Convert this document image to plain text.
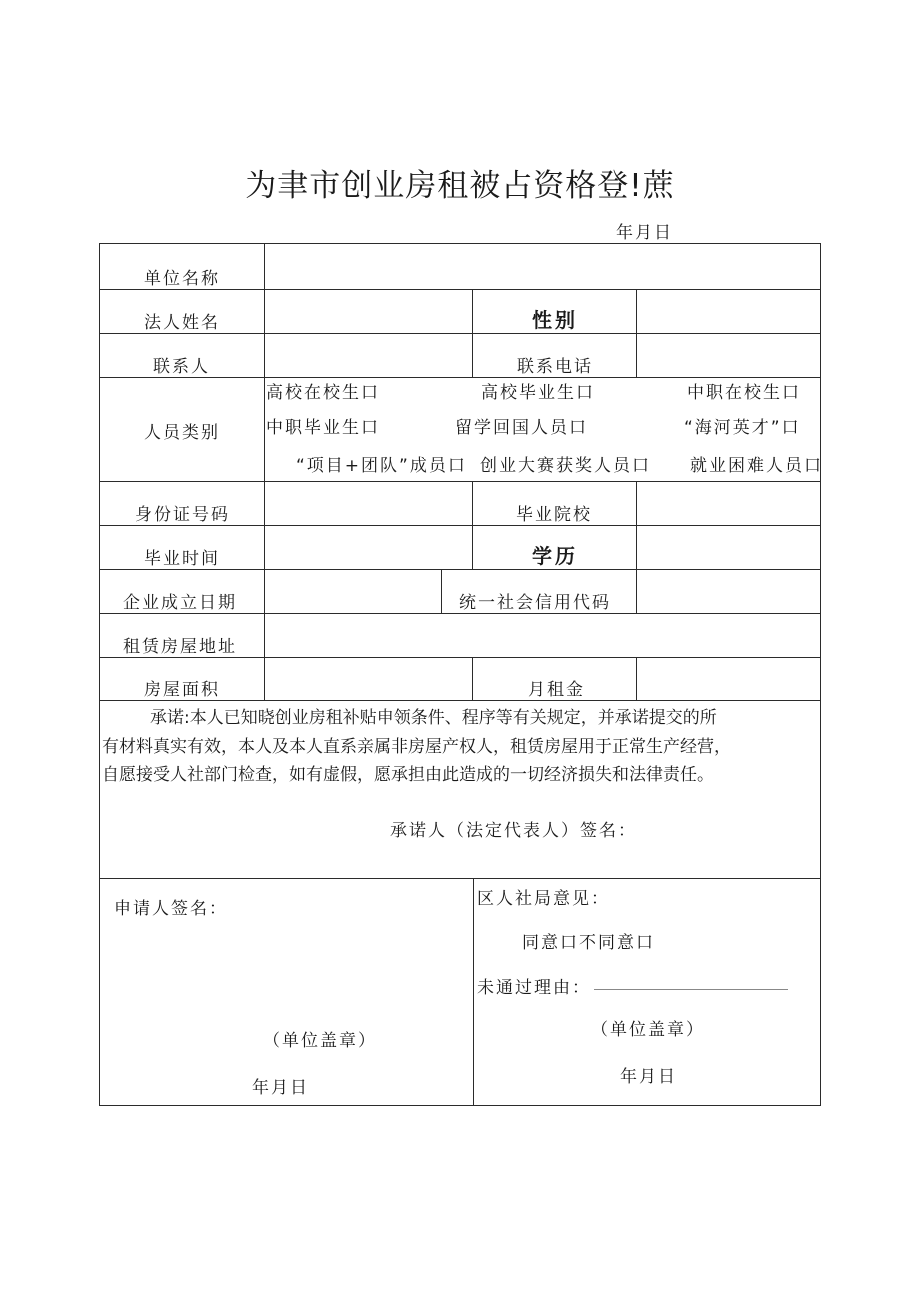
为聿市创业房租被占资格登!蔗
年月日
单位名称
法人姓名	性别
联系人	联系电话
人员类别
高校在校生口	高校毕业生口	中职在校生口
中职毕业生口	留学回国人员口	“海河英才”口
“项目+团队”成员口 创业大赛获奖人员口 就业困难人员口
身份证号码	毕业院校
毕业时间	学历
企业成立日期	统一社会信用代码
租赁房屋地址
房屋面积	月租金
承诺:本人已知晓创业房租补贴申领条件、程序等有关规定，并承诺提交的所
有材料真实有效，本人及本人直系亲属非房屋产权人，租赁房屋用于正常生产经营，
自愿接受人社部门检查，如有虚假，愿承担由此造成的一切经济损失和法律责任。
承诺人（法定代表人）签名：
申请人签名：
（单位盖章）
年月日
区人社局意见：
同意口不同意口
未通过理由：
（单位盖章）
年月日
